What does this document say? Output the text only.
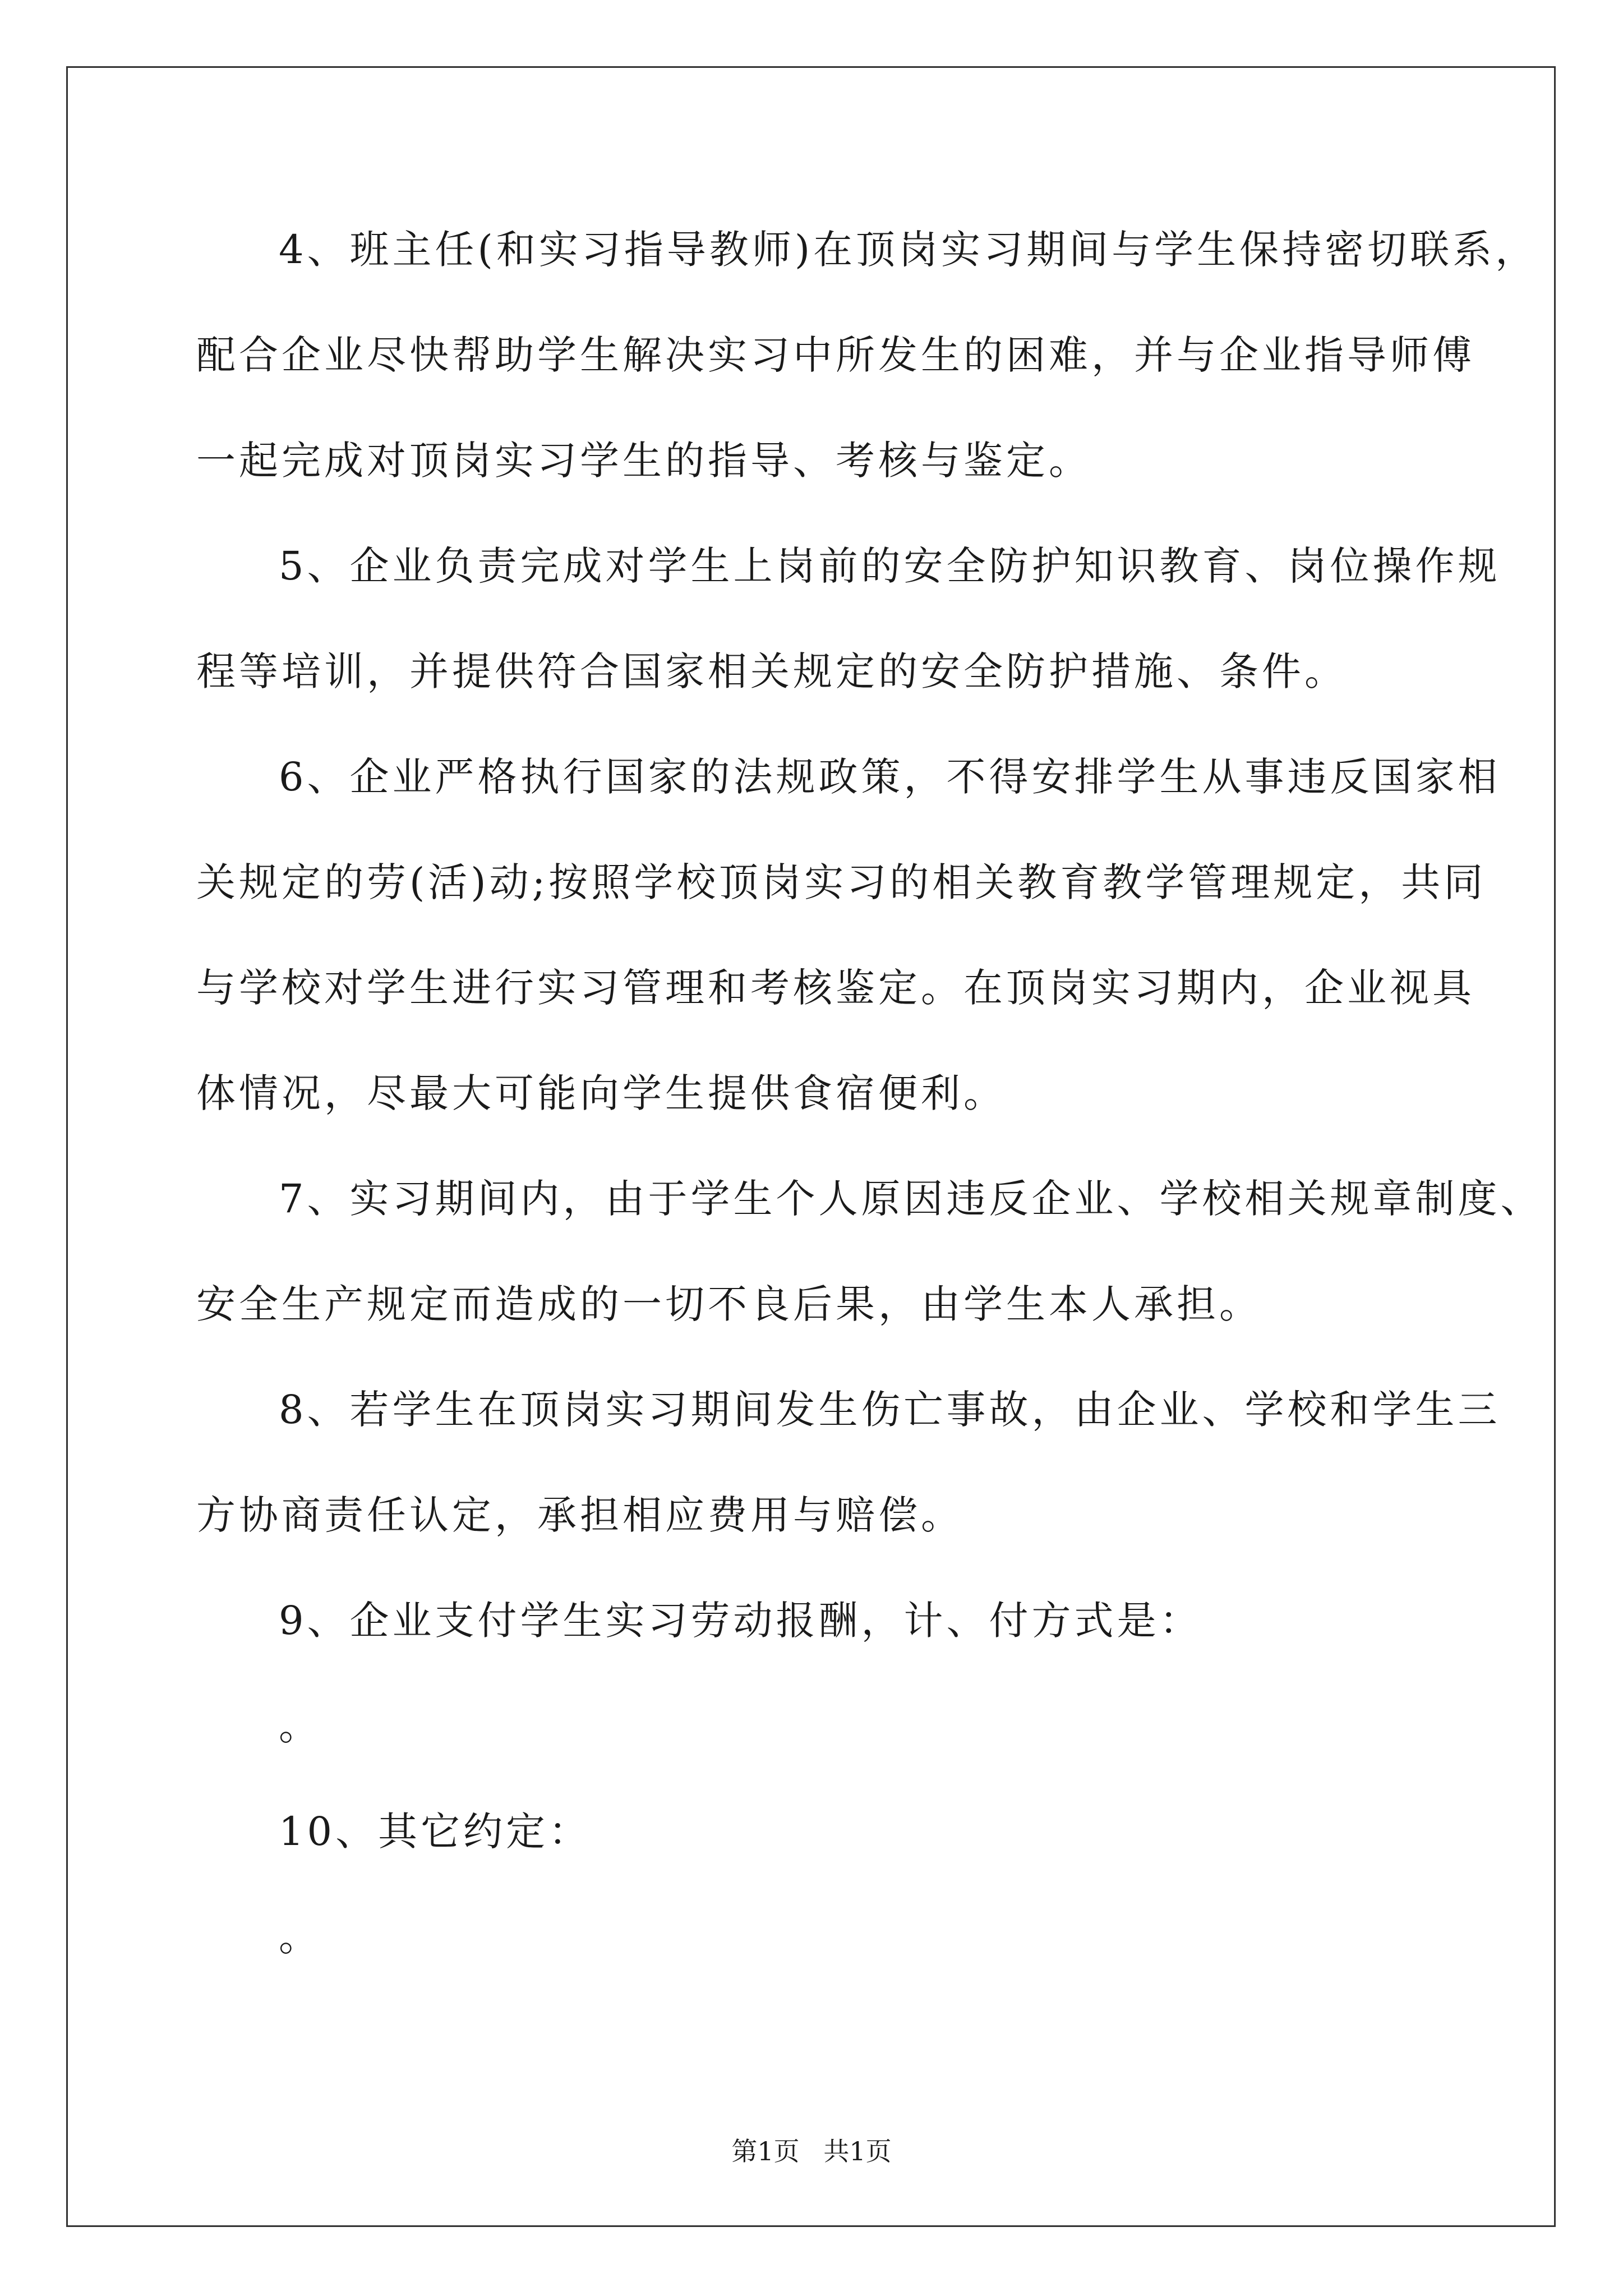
4、班主任(和实习指导教师)在顶岗实习期间与学生保持密切联系，
配合企业尽快帮助学生解决实习中所发生的困难，并与企业指导师傅
一起完成对顶岗实习学生的指导、考核与鉴定。
5、企业负责完成对学生上岗前的安全防护知识教育、岗位操作规
程等培训，并提供符合国家相关规定的安全防护措施、条件。
6、企业严格执行国家的法规政策，不得安排学生从事违反国家相
关规定的劳(活)动;按照学校顶岗实习的相关教育教学管理规定，共同
与学校对学生进行实习管理和考核鉴定。在顶岗实习期内，企业视具
体情况，尽最大可能向学生提供食宿便利。
7、实习期间内，由于学生个人原因违反企业、学校相关规章制度、
安全生产规定而造成的一切不良后果，由学生本人承担。
8、若学生在顶岗实习期间发生伤亡事故，由企业、学校和学生三
方协商责任认定，承担相应费用与赔偿。
9、企业支付学生实习劳动报酬，计、付方式是：
。
10、其它约定：
。
第1页 共1页
